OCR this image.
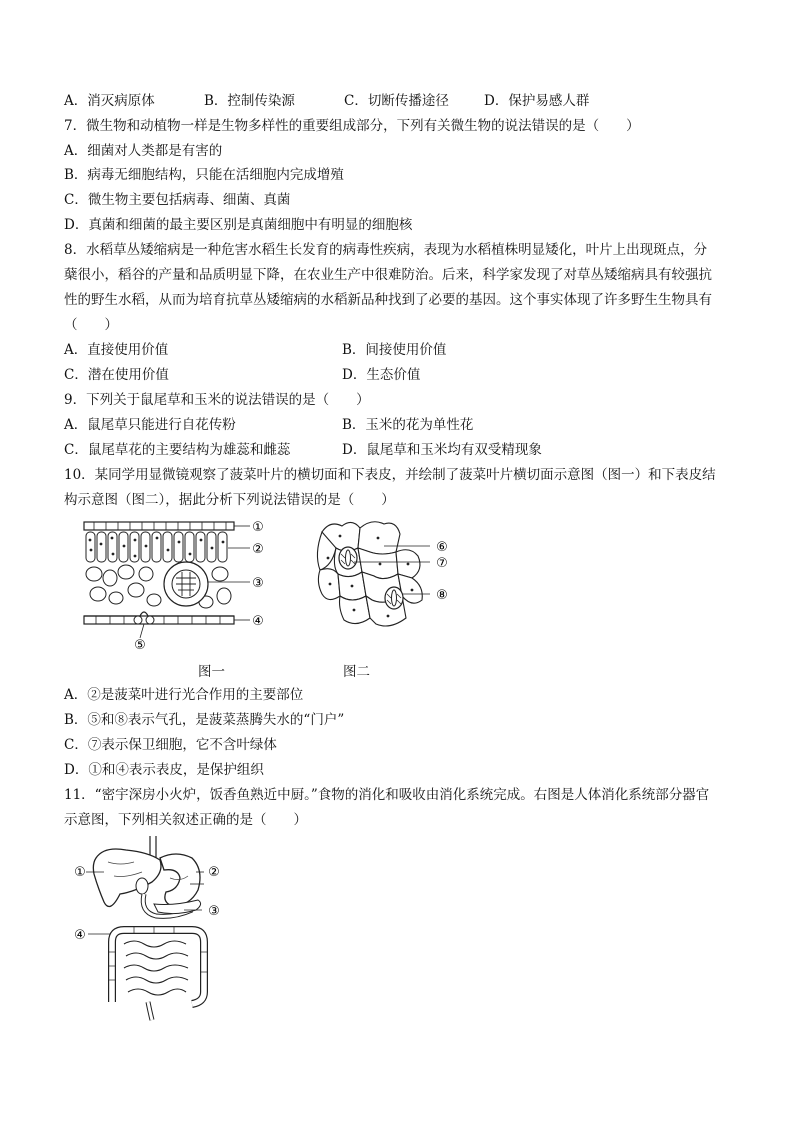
A．消灭病原体	B．控制传染源	C．切断传播途径	D．保护易感人群
7．微生物和动植物一样是生物多样性的重要组成部分，下列有关微生物的说法错误的是（　　）
A．细菌对人类都是有害的
B．病毒无细胞结构，只能在活细胞内完成增殖
C．微生物主要包括病毒、细菌、真菌
D．真菌和细菌的最主要区别是真菌细胞中有明显的细胞核
8．水稻草丛矮缩病是一种危害水稻生长发育的病毒性疾病，表现为水稻植株明显矮化，叶片上出现斑点，分
蘖很小，稻谷的产量和品质明显下降，在农业生产中很难防治。后来，科学家发现了对草丛矮缩病具有较强抗
性的野生水稻，从而为培育抗草丛矮缩病的水稻新品种找到了必要的基因。这个事实体现了许多野生生物具有
（　　）
A．直接使用价值	B．间接使用价值
C．潜在使用价值	D．生态价值
9．下列关于鼠尾草和玉米的说法错误的是（　　）
A．鼠尾草只能进行自花传粉	B．玉米的花为单性花
C．鼠尾草花的主要结构为雄蕊和雌蕊	D．鼠尾草和玉米均有双受精现象
10．某同学用显微镜观察了菠菜叶片的横切面和下表皮，并绘制了菠菜叶片横切面示意图（图一）和下表皮结
构示意图（图二），据此分析下列说法错误的是（　　）
①
②
③
④
⑤
⑥
⑦
⑧
图一	图二
A．②是菠菜叶进行光合作用的主要部位
B．⑤和⑧表示气孔，是菠菜蒸腾失水的“门户”
C．⑦表示保卫细胞，它不含叶绿体
D．①和④表示表皮，是保护组织
11．“密宇深房小火炉，饭香鱼熟近中厨。”食物的消化和吸收由消化系统完成。右图是人体消化系统部分器官
示意图，下列相关叙述正确的是（　　）
①	②
③
④
